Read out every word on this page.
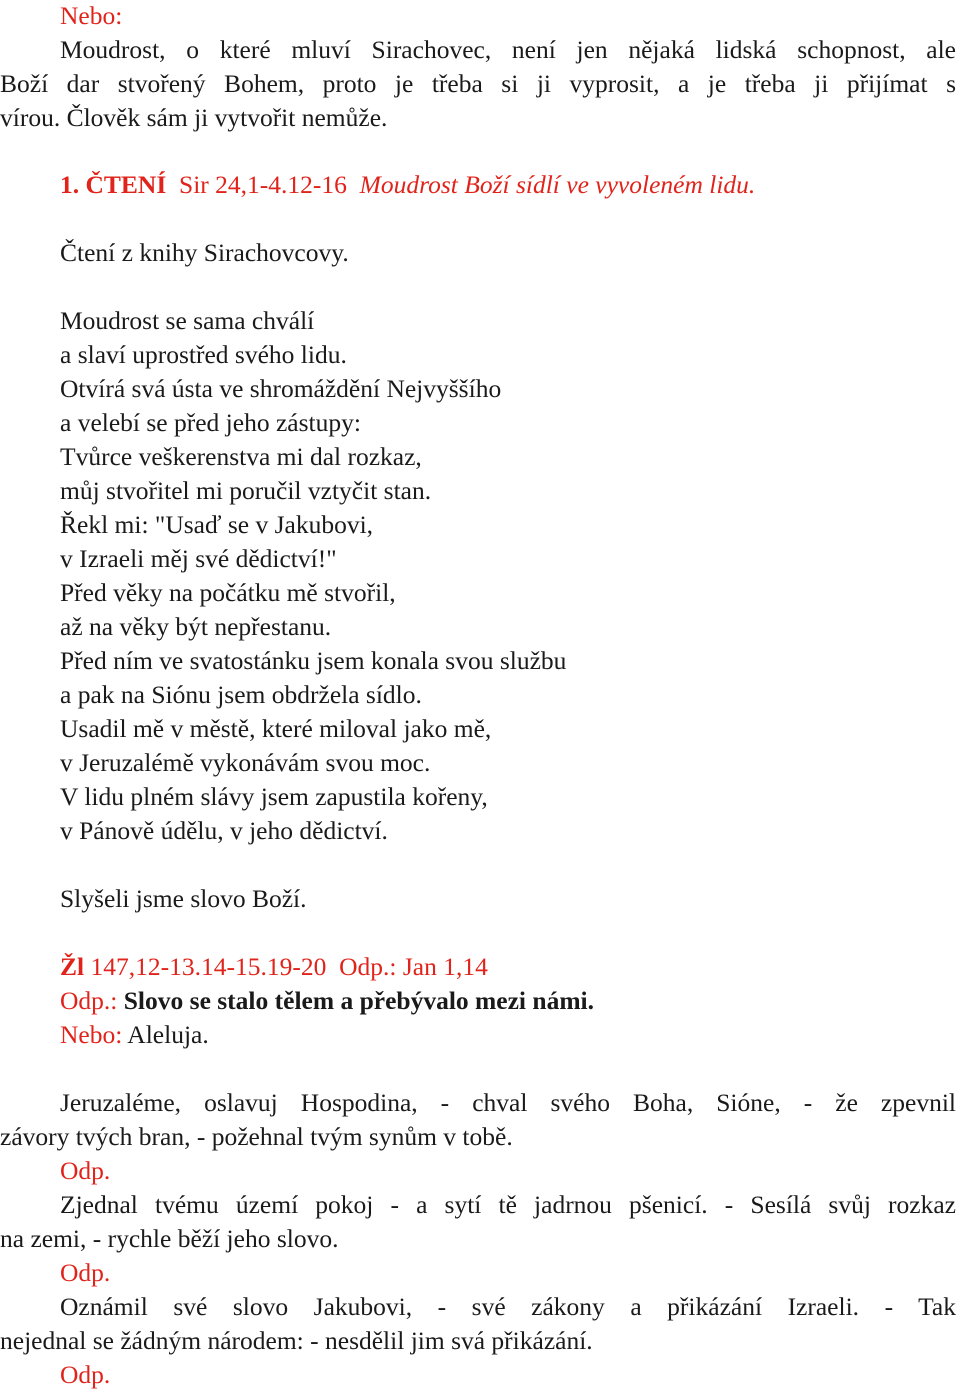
Nebo:
Moudrost, o které mluví Sirachovec, není jen nějaká lidská schopnost, ale
Boží dar stvořený Bohem, proto je třeba si ji vyprosit, a je třeba ji přijímat s
vírou. Člověk sám ji vytvořit nemůže.
1. ČTENÍ Sir 24,1-4.12-16 Moudrost Boží sídlí ve vyvoleném lidu.
Čtení z knihy Sirachovcovy.
Moudrost se sama chválí
a slaví uprostřed svého lidu.
Otvírá svá ústa ve shromáždění Nejvyššího
a velebí se před jeho zástupy:
Tvůrce veškerenstva mi dal rozkaz,
můj stvořitel mi poručil vztyčit stan.
Řekl mi: "Usaď se v Jakubovi,
v Izraeli měj své dědictví!"
Před věky na počátku mě stvořil,
až na věky být nepřestanu.
Před ním ve svatostánku jsem konala svou službu
a pak na Siónu jsem obdržela sídlo.
Usadil mě v městě, které miloval jako mě,
v Jeruzalémě vykonávám svou moc.
V lidu plném slávy jsem zapustila kořeny,
v Pánově údělu, v jeho dědictví.
Slyšeli jsme slovo Boží.
Žl 147,12-13.14-15.19-20 Odp.: Jan 1,14
Odp.: Slovo se stalo tělem a přebývalo mezi námi.
Nebo: Aleluja.
Jeruzaléme, oslavuj Hospodina, - chval svého Boha, Sióne, - že zpevnil
závory tvých bran, - požehnal tvým synům v tobě.
Odp.
Zjednal tvému území pokoj - a sytí tě jadrnou pšenicí. - Sesílá svůj rozkaz
na zemi, - rychle běží jeho slovo.
Odp.
Oznámil své slovo Jakubovi, - své zákony a přikázání Izraeli. - Tak
nejednal se žádným národem: - nesdělil jim svá přikázání.
Odp.
